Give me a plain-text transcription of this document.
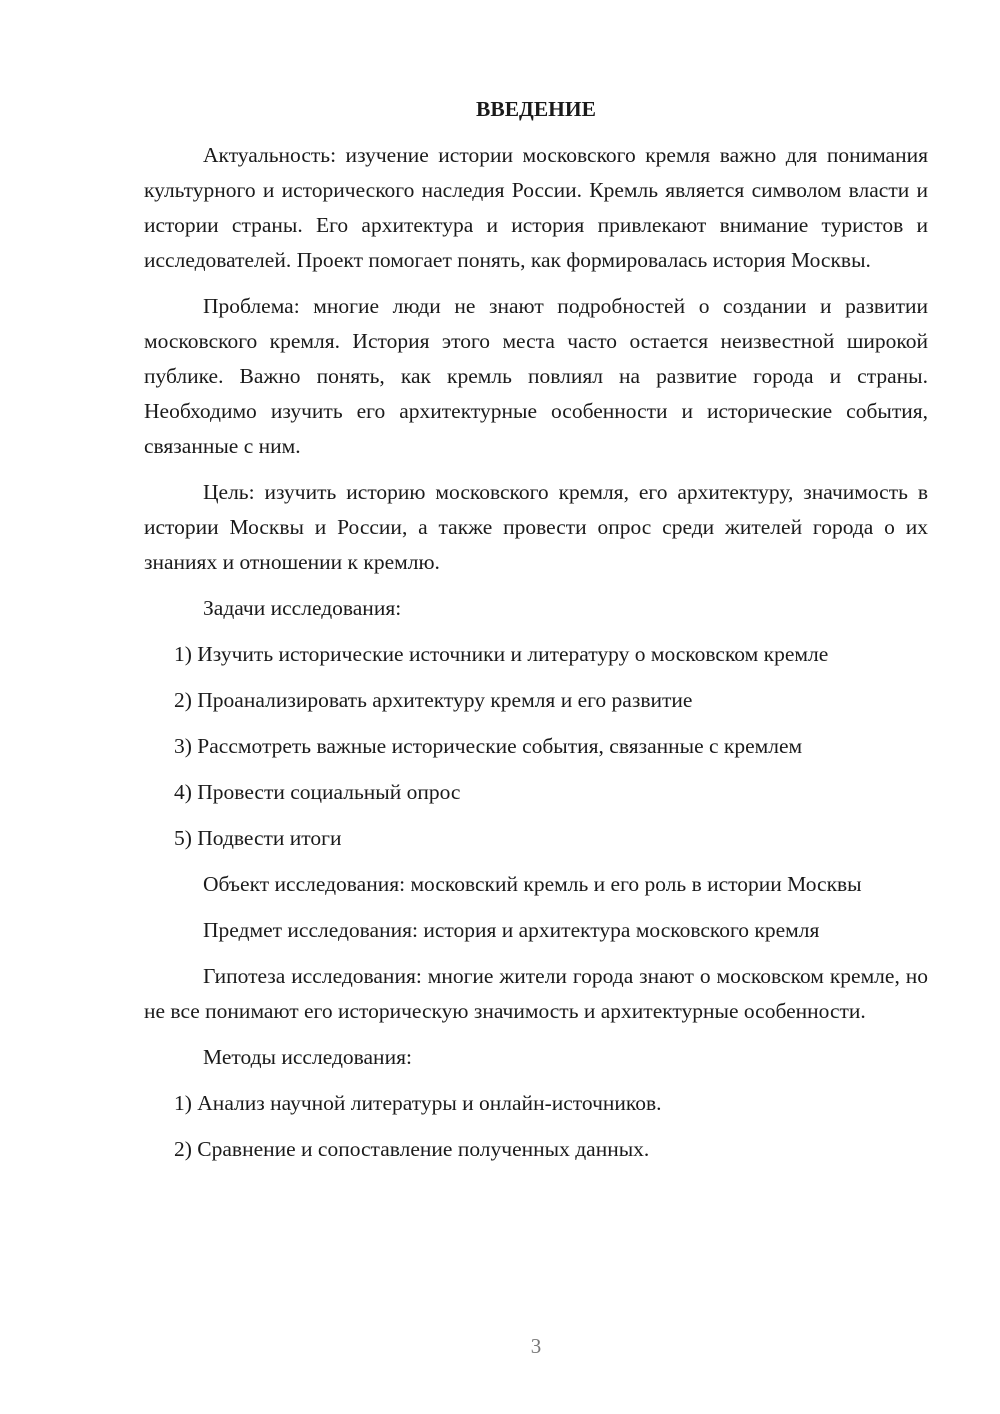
ВВЕДЕНИЕ

Актуальность: изучение истории московского кремля важно для понимания культурного и исторического наследия России. Кремль является символом власти и истории страны. Его архитектура и история привлекают внимание туристов и исследователей. Проект помогает понять, как формировалась история Москвы.

Проблема: многие люди не знают подробностей о создании и развитии московского кремля. История этого места часто остается неизвестной широкой публике. Важно понять, как кремль повлиял на развитие города и страны. Необходимо изучить его архитектурные особенности и исторические события, связанные с ним.

Цель: изучить историю московского кремля, его архитектуру, значимость в истории Москвы и России, а также провести опрос среди жителей города о их знаниях и отношении к кремлю.

Задачи исследования:

1) Изучить исторические источники и литературу о московском кремле

2) Проанализировать архитектуру кремля и его развитие

3) Рассмотреть важные исторические события, связанные с кремлем

4) Провести социальный опрос

5) Подвести итоги

Объект исследования: московский кремль и его роль в истории Москвы

Предмет исследования: история и архитектура московского кремля

Гипотеза исследования: многие жители города знают о московском кремле, но не все понимают его историческую значимость и архитектурные особенности.

Методы исследования:

1) Анализ научной литературы и онлайн-источников.

2) Сравнение и сопоставление полученных данных.

3
